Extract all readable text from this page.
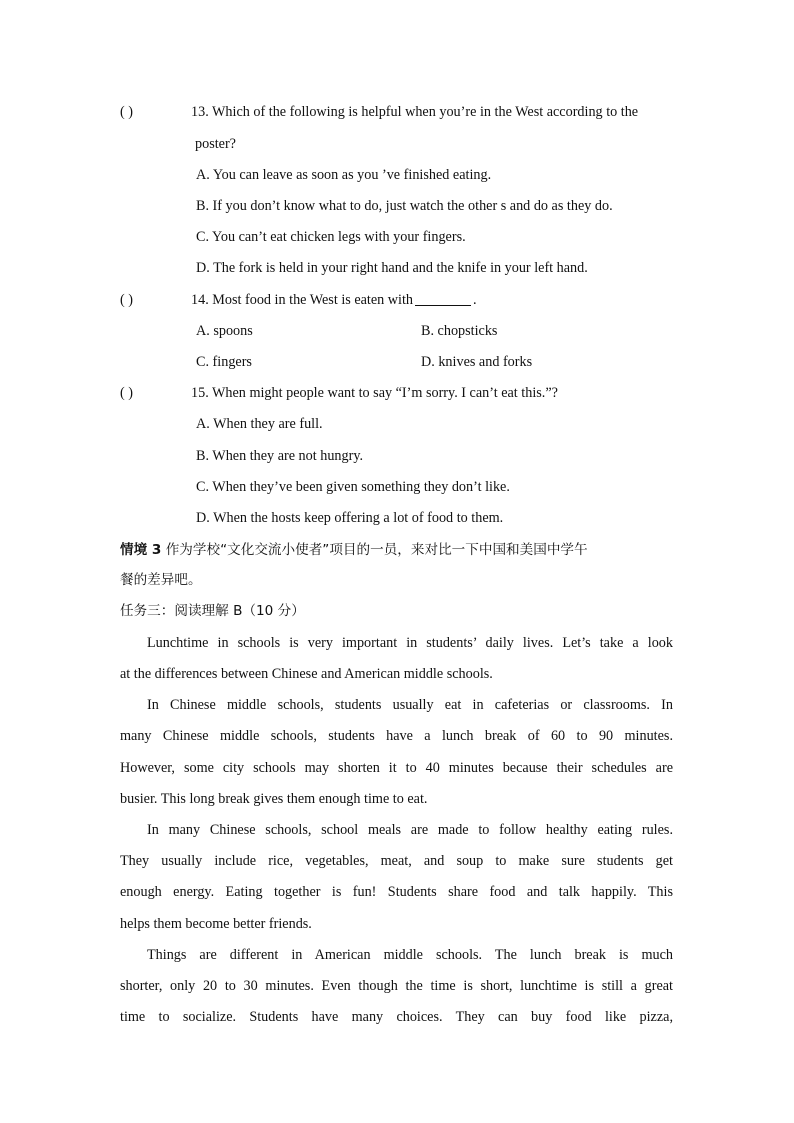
( )	13. Which of the following is helpful when you’re in the West according to the
poster?
A. You can leave as soon as you ’ve finished eating.
B. If you don’t know what to do, just watch the other s and do as they do.
C. You can’t eat chicken legs with your fingers.
D. The fork is held in your right hand and the knife in your left hand.
( )	14. Most food in the West is eaten with	.
A. spoons	B. chopsticks
C. fingers	D. knives and forks
( )	15. When might people want to say “I’m sorry. I can’t eat this.”?
A. When they are full.
B. When they are not hungry.
C. When they’ve been given something they don’t like.
D. When the hosts keep offering a lot of food to them.
情境 3 作为学校“文化交流小使者”项目的一员，来对比一下中国和美国中学午
餐的差异吧。
任务三：阅读理解 B（10 分）
Lunchtime in schools is very important in students’ daily lives. Let’s take a look
at the differences between Chinese and American middle schools.
In Chinese middle schools, students usually eat in cafeterias or classrooms. In
many Chinese middle schools, students have a lunch break of 60 to 90 minutes.
However, some city schools may shorten it to 40 minutes because their schedules are
busier. This long break gives them enough time to eat.
In many Chinese schools, school meals are made to follow healthy eating rules.
They usually include rice, vegetables, meat, and soup to make sure students get
enough energy. Eating together is fun! Students share food and talk happily. This
helps them become better friends.
Things are different in American middle schools. The lunch break is much
shorter, only 20 to 30 minutes. Even though the time is short, lunchtime is still a great
time to socialize. Students have many choices. They can buy food like pizza,
